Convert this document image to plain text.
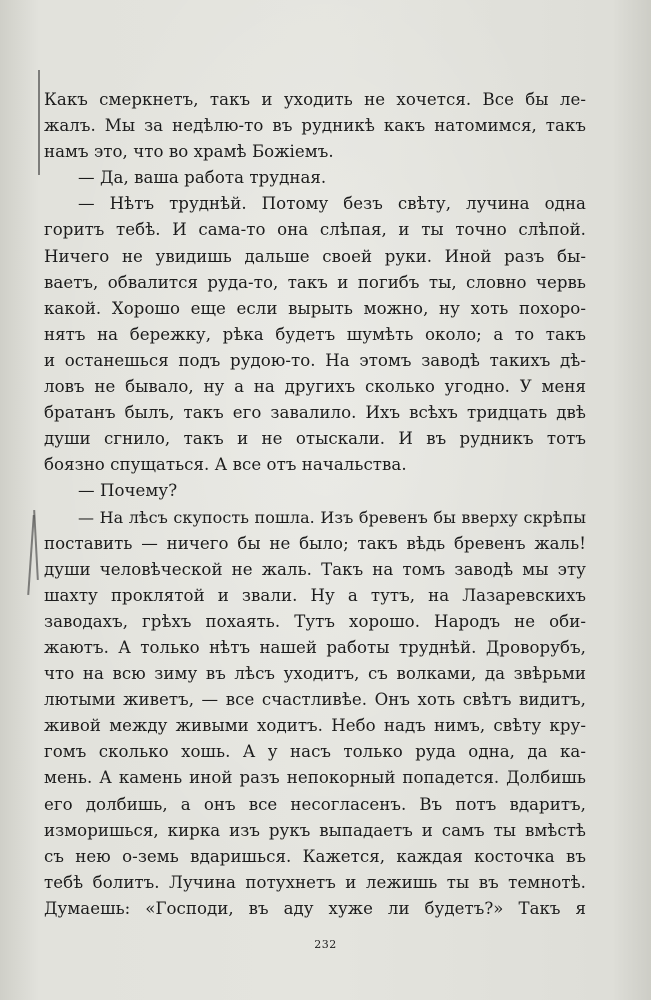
Какъ смеркнетъ, такъ и уходить не хочется. Все бы ле-
жалъ. Мы за недѣлю-то въ рудникѣ какъ натомимся, такъ
намъ это, что во храмѣ Божіемъ.
— Да, ваша работа трудная.
— Нѣтъ труднѣй. Потому безъ свѣту, лучина одна
горитъ тебѣ. И сама-то она слѣпая, и ты точно слѣпой.
Ничего не увидишь дальше своей руки. Иной разъ бы-
ваетъ, обвалится руда-то, такъ и погибъ ты, словно червь
какой. Хорошо еще если вырыть можно, ну хоть похоро-
нятъ на бережку, рѣка будетъ шумѣть около; а то такъ
и останешься подъ рудою-то. На этомъ заводѣ такихъ дѣ-
ловъ не бывало, ну а на другихъ сколько угодно. У меня
братанъ былъ, такъ его завалило. Ихъ всѣхъ тридцать двѣ
души сгнило, такъ и не отыскали. И въ рудникъ тотъ
боязно спущаться. А все отъ начальства.
— Почему?
— На лѣсъ скупость пошла. Изъ бревенъ бы вверху скрѣпы
поставить — ничего бы не было; такъ вѣдь бревенъ жаль!
души человѣческой не жаль. Такъ на томъ заводѣ мы эту
шахту проклятой и звали. Ну а тутъ, на Лазаревскихъ
заводахъ, грѣхъ похаять. Тутъ хорошо. Народъ не оби-
жаютъ. А только нѣтъ нашей работы труднѣй. Дроворубъ,
что на всю зиму въ лѣсъ уходитъ, съ волками, да звѣрьми
лютыми живетъ, — все счастливѣе. Онъ хоть свѣтъ видитъ,
живой между живыми ходитъ. Небо надъ нимъ, свѣту кру-
гомъ сколько хошь. А у насъ только руда одна, да ка-
мень. А камень иной разъ непокорный попадется. Долбишь
его долбишь, а онъ все несогласенъ. Въ потъ вдаритъ,
изморишься, кирка изъ рукъ выпадаетъ и самъ ты вмѣстѣ
съ нею о-земь вдаришься. Кажется, каждая косточка въ
тебѣ болитъ. Лучина потухнетъ и лежишь ты въ темнотѣ.
Думаешь: «Господи, въ аду хуже ли будетъ?» Такъ я
232
